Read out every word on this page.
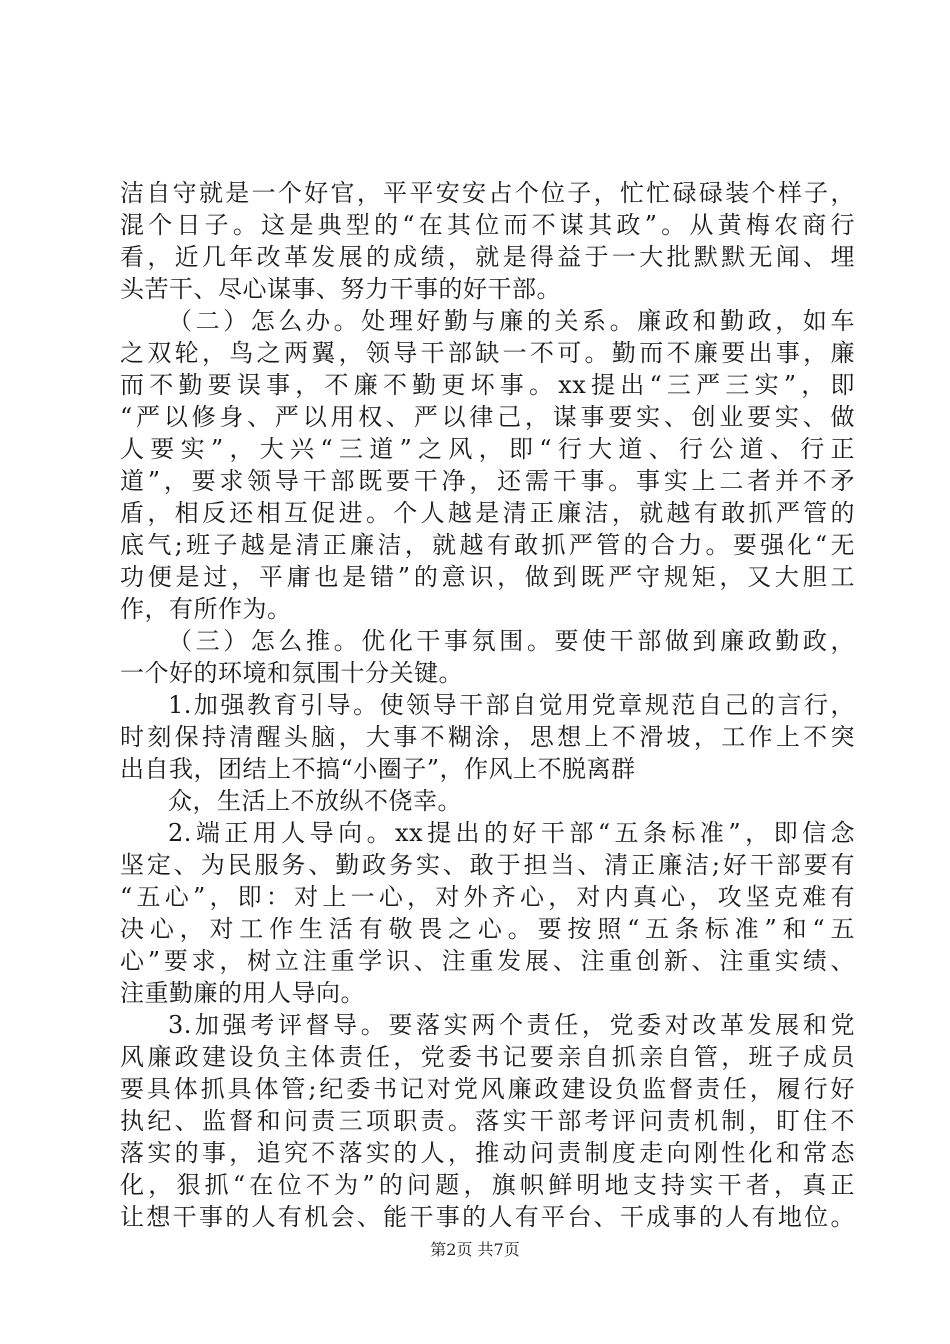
洁自守就是一个好官，平平安安占个位子，忙忙碌碌装个样子，
混个日子。这是典型的“在其位而不谋其政”。从黄梅农商行
看，近几年改革发展的成绩，就是得益于一大批默默无闻、埋
头苦干、尽心谋事、努力干事的好干部。
（二）怎么办。处理好勤与廉的关系。廉政和勤政，如车
之双轮，鸟之两翼，领导干部缺一不可。勤而不廉要出事，廉
而不勤要误事，不廉不勤更坏事。xx提出“三严三实”，即
“严以修身、严以用权、严以律己，谋事要实、创业要实、做
人要实”，大兴“三道”之风，即“行大道、行公道、行正
道”，要求领导干部既要干净，还需干事。事实上二者并不矛
盾，相反还相互促进。个人越是清正廉洁，就越有敢抓严管的
底气;班子越是清正廉洁，就越有敢抓严管的合力。要强化“无
功便是过，平庸也是错”的意识，做到既严守规矩，又大胆工
作，有所作为。
（三）怎么推。优化干事氛围。要使干部做到廉政勤政，
一个好的环境和氛围十分关键。
1.加强教育引导。使领导干部自觉用党章规范自己的言行，
时刻保持清醒头脑，大事不糊涂，思想上不滑坡，工作上不突
出自我，团结上不搞“小圈子”，作风上不脱离群
众，生活上不放纵不侥幸。
2.端正用人导向。xx提出的好干部“五条标准”，即信念
坚定、为民服务、勤政务实、敢于担当、清正廉洁;好干部要有
“五心”，即：对上一心，对外齐心，对内真心，攻坚克难有
决心，对工作生活有敬畏之心。要按照“五条标准”和“五
心”要求，树立注重学识、注重发展、注重创新、注重实绩、
注重勤廉的用人导向。
3.加强考评督导。要落实两个责任，党委对改革发展和党
风廉政建设负主体责任，党委书记要亲自抓亲自管，班子成员
要具体抓具体管;纪委书记对党风廉政建设负监督责任，履行好
执纪、监督和问责三项职责。落实干部考评问责机制，盯住不
落实的事，追究不落实的人，推动问责制度走向刚性化和常态
化，狠抓“在位不为”的问题，旗帜鲜明地支持实干者，真正
让想干事的人有机会、能干事的人有平台、干成事的人有地位。
第2页 共7页
